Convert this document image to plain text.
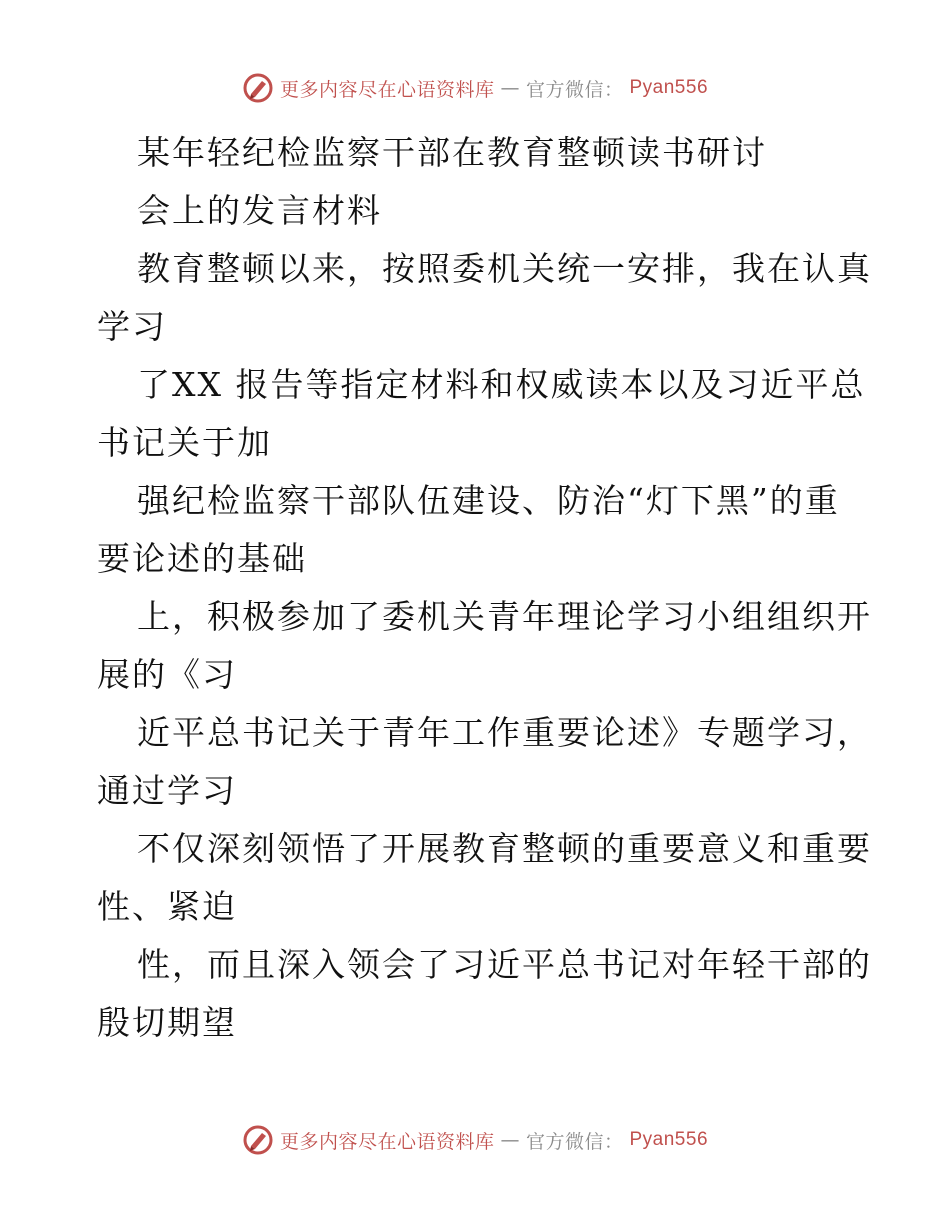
更多内容尽在心语资料库 — 官方微信： Pyan556
某年轻纪检监察干部在教育整顿读书研讨
会上的发言材料
教育整顿以来，按照委机关统一安排，我在认真
学习
了XX 报告等指定材料和权威读本以及习近平总
书记关于加
强纪检监察干部队伍建设、防治“灯下黑”的重
要论述的基础
上，积极参加了委机关青年理论学习小组组织开
展的《习
近平总书记关于青年工作重要论述》专题学习，
通过学习
不仅深刻领悟了开展教育整顿的重要意义和重要
性、紧迫
性，而且深入领会了习近平总书记对年轻干部的
殷切期望
更多内容尽在心语资料库 — 官方微信： Pyan556
